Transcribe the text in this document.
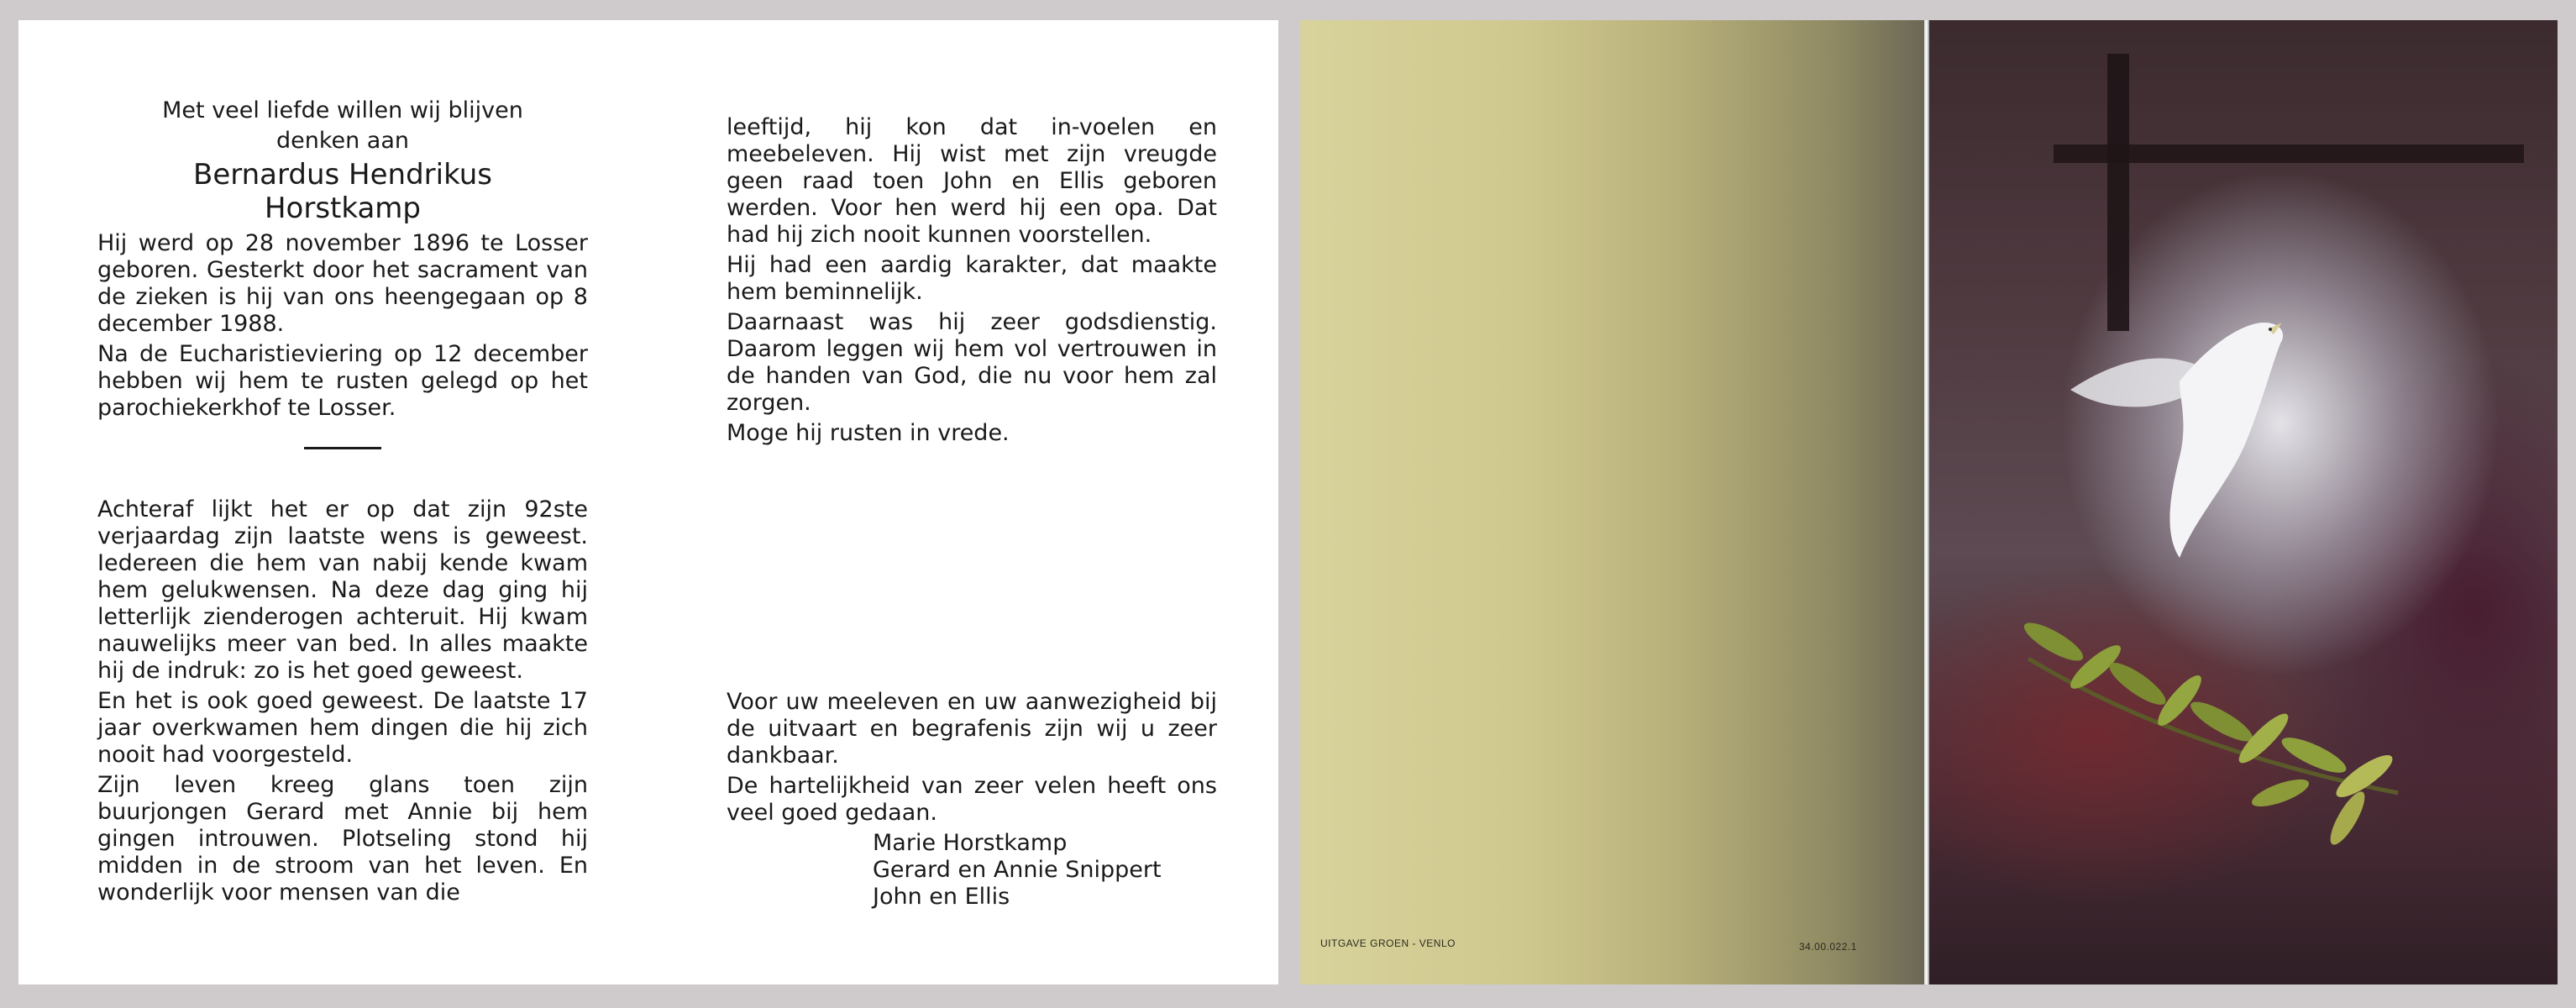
Met veel liefde willen wij blijven

denken aan

Bernardus Hendrikus
Horstkamp

Hij werd op 28 november 1896 te Losser geboren. Gesterkt door het sacrament van de zieken is hij van ons heengegaan op 8 december 1988.

Na de Eucharistieviering op 12 december hebben wij hem te rusten gelegd op het parochiekerkhof te Losser.

Achteraf lijkt het er op dat zijn 92ste verjaardag zijn laatste wens is geweest. Iedereen die hem van nabij kende kwam hem gelukwensen. Na deze dag ging hij letterlijk zienderogen achteruit. Hij kwam nauwelijks meer van bed. In alles maakte hij de indruk: zo is het goed geweest.

En het is ook goed geweest. De laatste 17 jaar overkwamen hem dingen die hij zich nooit had voorgesteld.

Zijn leven kreeg glans toen zijn buurjongen Gerard met Annie bij hem gingen introuwen. Plotseling stond hij midden in de stroom van het leven. En wonderlijk voor mensen van die

leeftijd, hij kon dat in-voelen en meebeleven. Hij wist met zijn vreugde geen raad toen John en Ellis geboren werden. Voor hen werd hij een opa. Dat had hij zich nooit kunnen voorstellen.

Hij had een aardig karakter, dat maakte hem beminnelijk.

Daarnaast was hij zeer godsdienstig. Daarom leggen wij hem vol vertrouwen in de handen van God, die nu voor hem zal zorgen.

Moge hij rusten in vrede.

Voor uw meeleven en uw aanwezigheid bij de uitvaart en begrafenis zijn wij u zeer dankbaar.

De hartelijkheid van zeer velen heeft ons veel goed gedaan.

Marie Horstkamp
Gerard en Annie Snippert
John en Ellis
UITGAVE GROEN - VENLO	34.00.022.1
